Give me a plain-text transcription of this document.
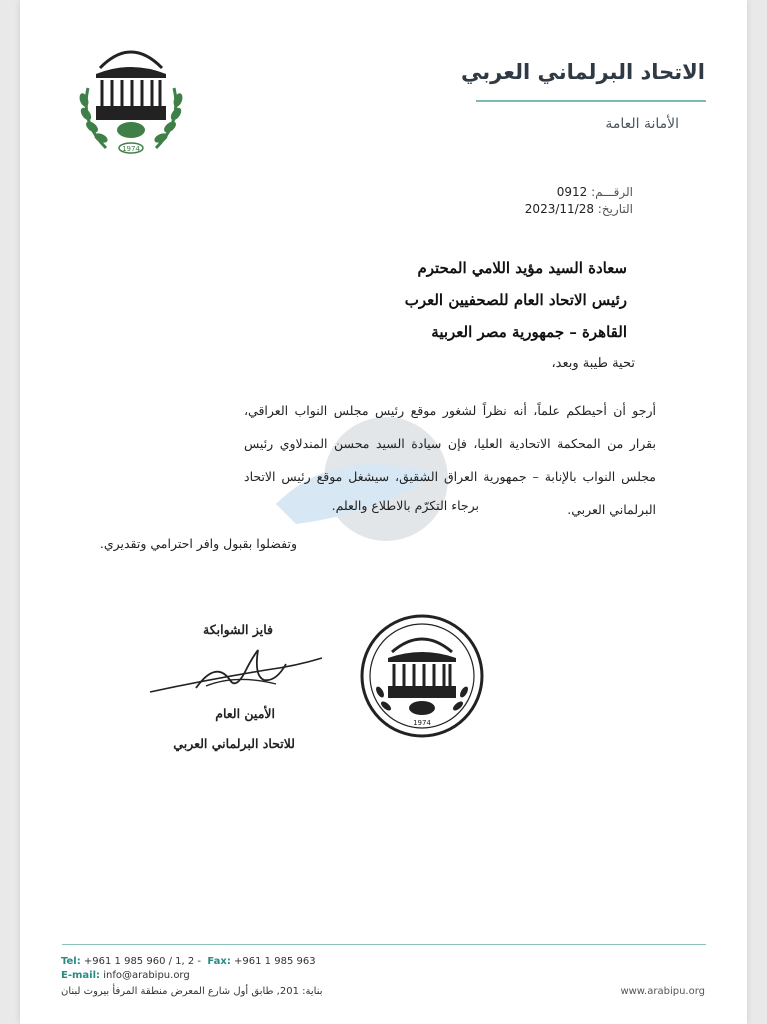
1974
الاتحاد البرلماني العربي
الأمانة العامة
الرقـــم: 0912
التاريخ: 2023/11/28
سعادة السيد مؤيد اللامي المحترم
رئيس الاتحاد العام للصحفيين العرب
القاهرة – جمهورية مصر العربية
تحية طيبة وبعد،
أرجو أن أحيطكم علماً، أنه نظراً لشغور موقع رئيس مجلس النواب العراقي، بقرار من المحكمة الاتحادية العليا، فإن سيادة السيد محسن المندلاوي رئيس مجلس النواب بالإنابة – جمهورية العراق الشقيق، سيشغل موقع رئيس الاتحاد البرلماني العربي.
برجاء التكرّم بالاطلاع والعلم.
وتفضلوا بقبول وافر احترامي وتقديري.
فايز الشوابكة
الأمين العام
للاتحاد البرلماني العربي
1974
Tel: +961 1 985 960 / 1, 2 - Fax: +961 1 985 963
E-mail: info@arabipu.org
بناية: 201, طابق أول شارع المعرض منطقة المرفأ بيروت لبنان	www.arabipu.org
